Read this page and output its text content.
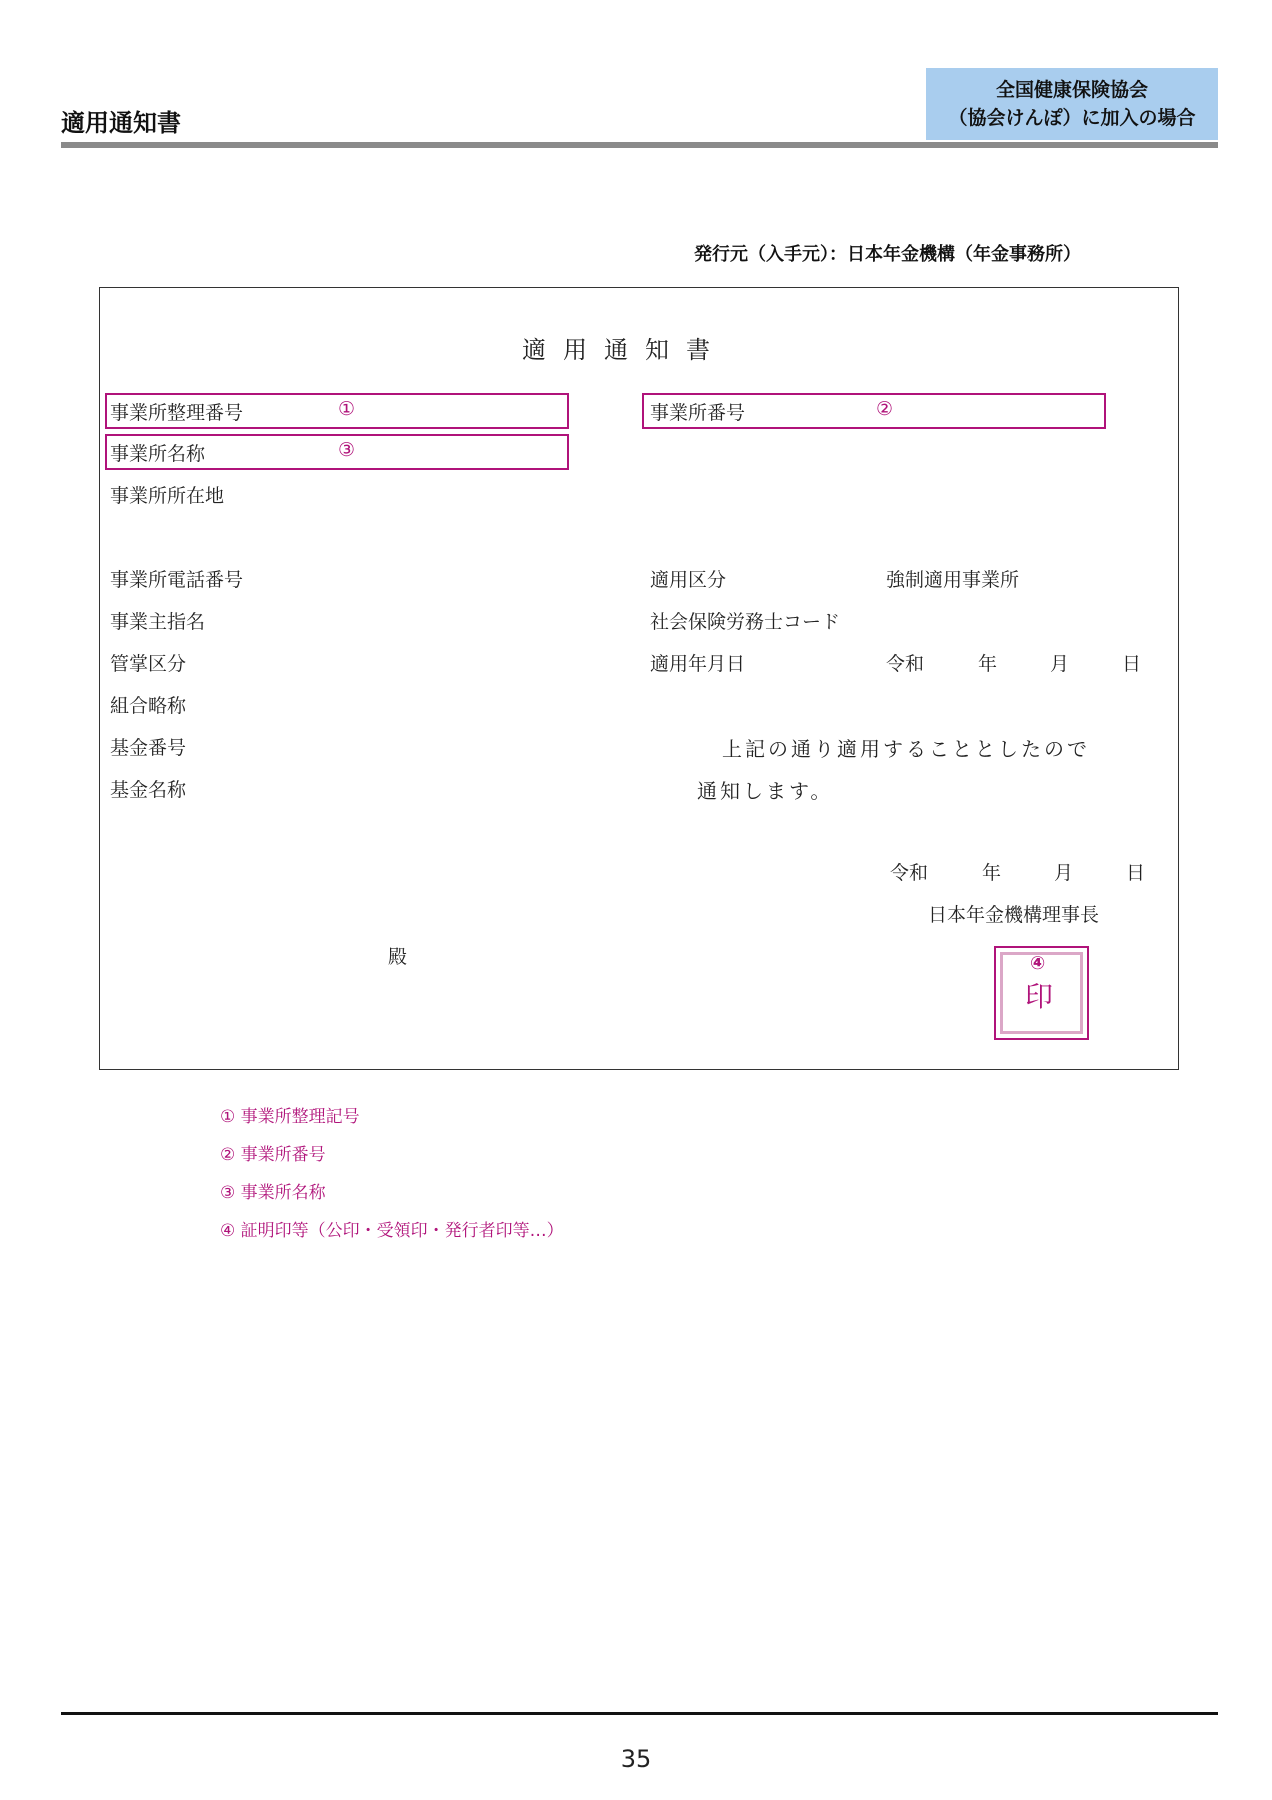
適用通知書
全国健康保険協会
（協会けんぽ）に加入の場合
発行元（入手元）：日本年金機構（年金事務所）
適用通知書
事業所整理番号	①
事業所名称	③
事業所所在地
事業所電話番号
事業主指名
管掌区分
組合略称
基金番号
基金名称
事業所番号	②
適用区分	強制適用事業所
社会保険労務士コード
適用年月日	令和	年	月	日
上記の通り適用することとしたので
通知します。
令和	年	月	日
日本年金機構理事長
殿	④
印
① 事業所整理記号
② 事業所番号
③ 事業所名称
④ 証明印等（公印・受領印・発行者印等…）
35
